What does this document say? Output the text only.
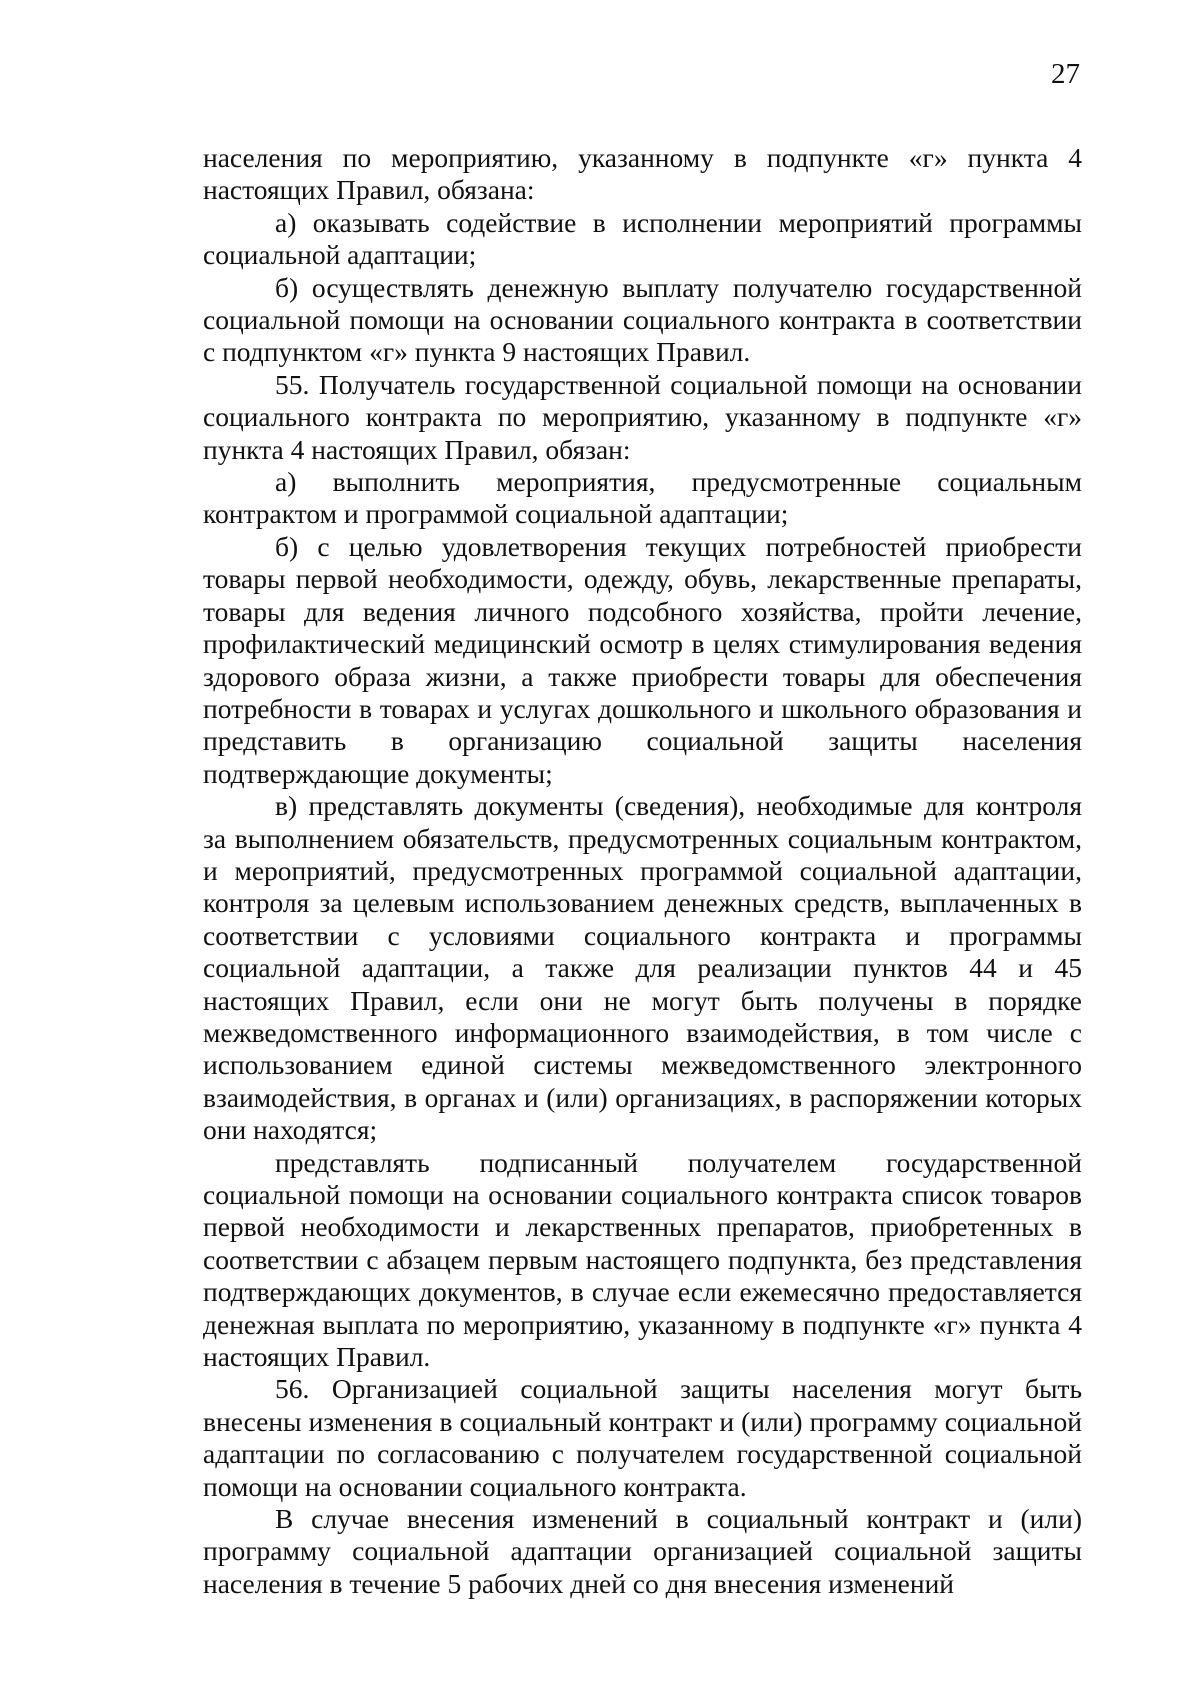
27

населения по мероприятию, указанному в подпункте «г» пункта 4 настоящих Правил, обязана:

а) оказывать содействие в исполнении мероприятий программы социальной адаптации;

б) осуществлять денежную выплату получателю государственной социальной помощи на основании социального контракта в соответствии с подпунктом «г» пункта 9 настоящих Правил.

55. Получатель государственной социальной помощи на основании социального контракта по мероприятию, указанному в подпункте «г» пункта 4 настоящих Правил, обязан:

а) выполнить мероприятия, предусмотренные социальным контрактом и программой социальной адаптации;

б) с целью удовлетворения текущих потребностей приобрести товары первой необходимости, одежду, обувь, лекарственные препараты, товары для ведения личного подсобного хозяйства, пройти лечение, профилактический медицинский осмотр в целях стимулирования ведения здорового образа жизни, а также приобрести товары для обеспечения потребности в товарах и услугах дошкольного и школьного образования и представить в организацию социальной защиты населения подтверждающие документы;

в) представлять документы (сведения), необходимые для контроля за выполнением обязательств, предусмотренных социальным контрактом, и мероприятий, предусмотренных программой социальной адаптации, контроля за целевым использованием денежных средств, выплаченных в соответствии с условиями социального контракта и программы социальной адаптации, а также для реализации пунктов 44 и 45 настоящих Правил, если они не могут быть получены в порядке межведомственного информационного взаимодействия, в том числе с использованием единой системы межведомственного электронного взаимодействия, в органах и (или) организациях, в распоряжении которых они находятся;

представлять подписанный получателем государственной социальной помощи на основании социального контракта список товаров первой необходимости и лекарственных препаратов, приобретенных в соответствии с абзацем первым настоящего подпункта, без представления подтверждающих документов, в случае если ежемесячно предоставляется денежная выплата по мероприятию, указанному в подпункте «г» пункта 4 настоящих Правил.

56. Организацией социальной защиты населения могут быть внесены изменения в социальный контракт и (или) программу социальной адаптации по согласованию с получателем государственной социальной помощи на основании социального контракта.

В случае внесения изменений в социальный контракт и (или) программу социальной адаптации организацией социальной защиты населения в течение 5 рабочих дней со дня внесения изменений
